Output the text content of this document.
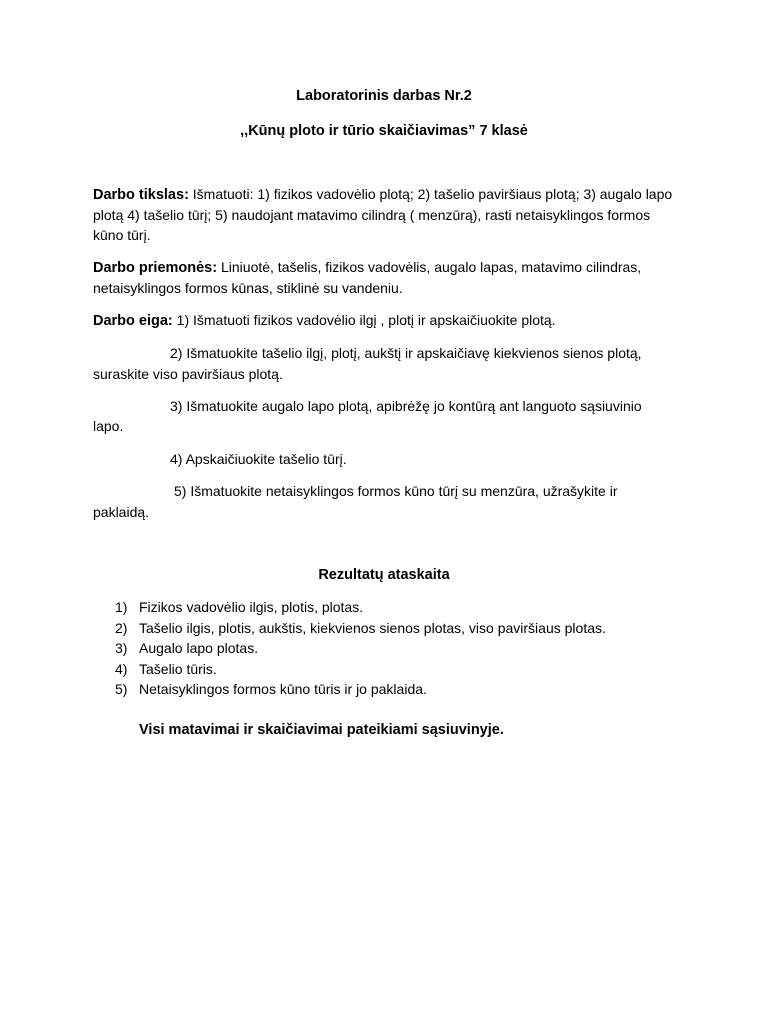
Laboratorinis darbas Nr.2
,,Kūnų ploto ir tūrio skaičiavimas” 7 klasė
Darbo tikslas: Išmatuoti: 1) fizikos vadovėlio plotą; 2) tašelio paviršiaus plotą; 3) augalo lapo
plotą 4) tašelio tūrį; 5) naudojant matavimo cilindrą ( menzūrą), rasti netaisyklingos formos
kūno tūrį.
Darbo priemonės: Liniuotė, tašelis, fizikos vadovėlis, augalo lapas, matavimo cilindras,
netaisyklingos formos kūnas, stiklinė su vandeniu.
Darbo eiga: 1) Išmatuoti fizikos vadovėlio ilgį , plotį ir apskaičiuokite plotą.
2) Išmatuokite tašelio ilgį, plotį, aukštį ir apskaičiavę kiekvienos sienos plotą,
suraskite viso paviršiaus plotą.
3) Išmatuokite augalo lapo plotą, apibrėžę jo kontūrą ant languoto sąsiuvinio
lapo.
4) Apskaičiuokite tašelio tūrį.
5) Išmatuokite netaisyklingos formos kūno tūrį su menzūra, užrašykite ir
paklaidą.
Rezultatų ataskaita
1) Fizikos vadovėlio ilgis, plotis, plotas.
2) Tašelio ilgis, plotis, aukštis, kiekvienos sienos plotas, viso paviršiaus plotas.
3) Augalo lapo plotas.
4) Tašelio tūris.
5) Netaisyklingos formos kūno tūris ir jo paklaida.
Visi matavimai ir skaičiavimai pateikiami sąsiuvinyje.
